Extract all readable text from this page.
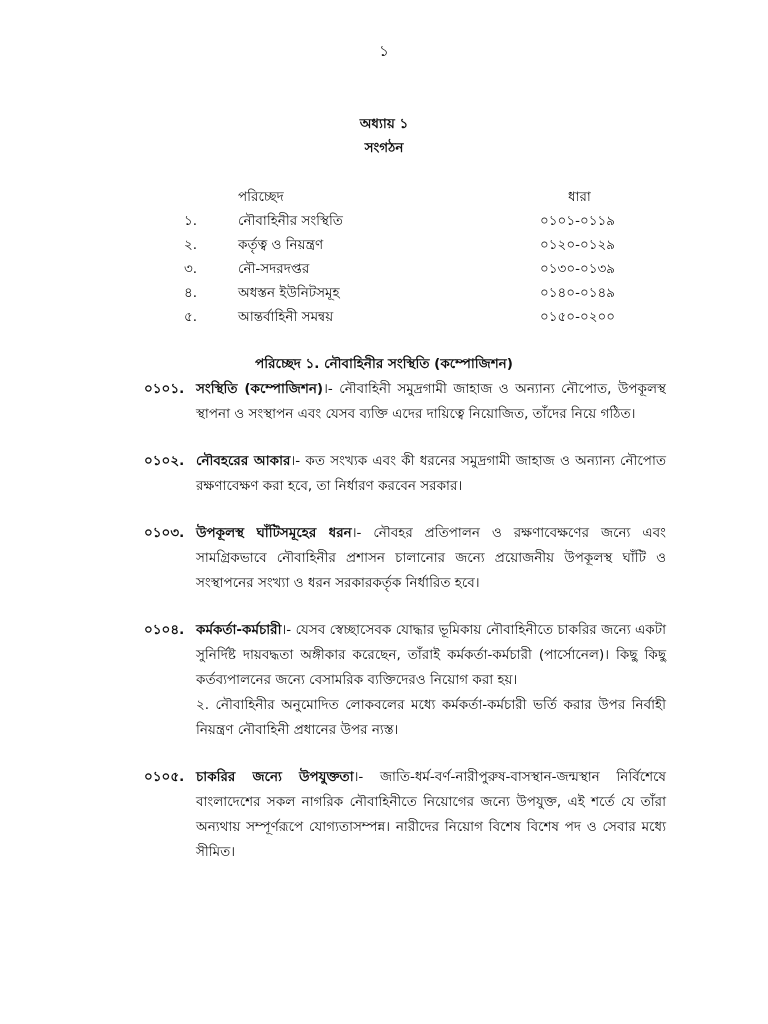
১
অধ্যায় ১
সংগঠন
পরিচ্ছেদ	ধারা
১.	নৌবাহিনীর সংস্থিতি	০১০১-০১১৯
২.	কর্তৃত্ব ও নিয়ন্ত্রণ	০১২০-০১২৯
৩.	নৌ-সদরদপ্তর	০১৩০-০১৩৯
৪.	অধস্তন ইউনিটসমূহ	০১৪০-০১৪৯
৫.	আন্তর্বাহিনী সমন্বয়	০১৫০-০২০০
পরিচ্ছেদ ১. নৌবাহিনীর সংস্থিতি (কম্পোজিশন)
০১০১. সংস্থিতি (কম্পোজিশন)।- নৌবাহিনী সমুদ্রগামী জাহাজ ও অন্যান্য নৌপোত, উপকূলস্থ স্থাপনা ও সংস্থাপন এবং যেসব ব্যক্তি এদের দায়িত্বে নিয়োজিত, তাঁদের নিয়ে গঠিত।

০১০২. নৌবহরের আকার।- কত সংখ্যক এবং কী ধরনের সমুদ্রগামী জাহাজ ও অন্যান্য নৌপোত রক্ষণাবেক্ষণ করা হবে, তা নির্ধারণ করবেন সরকার।

০১০৩. উপকূলস্থ ঘাঁটিসমূহের ধরন।- নৌবহর প্রতিপালন ও রক্ষণাবেক্ষণের জন্যে এবং সামগ্রিকভাবে নৌবাহিনীর প্রশাসন চালানোর জন্যে প্রয়োজনীয় উপকূলস্থ ঘাঁটি ও সংস্থাপনের সংখ্যা ও ধরন সরকারকর্তৃক নির্ধারিত হবে।

০১০৪. কর্মকর্তা-কর্মচারী।- যেসব স্বেচ্ছাসেবক যোদ্ধার ভূমিকায় নৌবাহিনীতে চাকরির জন্যে একটা সুনির্দিষ্ট দায়বদ্ধতা অঙ্গীকার করেছেন, তাঁরাই কর্মকর্তা-কর্মচারী (পার্সোনেল)। কিছু কিছু কর্তব্যপালনের জন্যে বেসামরিক ব্যক্তিদেরও নিয়োগ করা হয়।

২. নৌবাহিনীর অনুমোদিত লোকবলের মধ্যে কর্মকর্তা-কর্মচারী ভর্তি করার উপর নির্বাহী নিয়ন্ত্রণ নৌবাহিনী প্রধানের উপর ন্যস্ত।

০১০৫. চাকরির জন্যে উপযুক্ততা।- জাতি-ধর্ম-বর্ণ-নারীপুরুষ-বাসস্থান-জন্মস্থান নির্বিশেষে বাংলাদেশের সকল নাগরিক নৌবাহিনীতে নিয়োগের জন্যে উপযুক্ত, এই শর্তে যে তাঁরা অন্যথায় সম্পূর্ণরূপে যোগ্যতাসম্পন্ন। নারীদের নিয়োগ বিশেষ বিশেষ পদ ও সেবার মধ্যে সীমিত।
